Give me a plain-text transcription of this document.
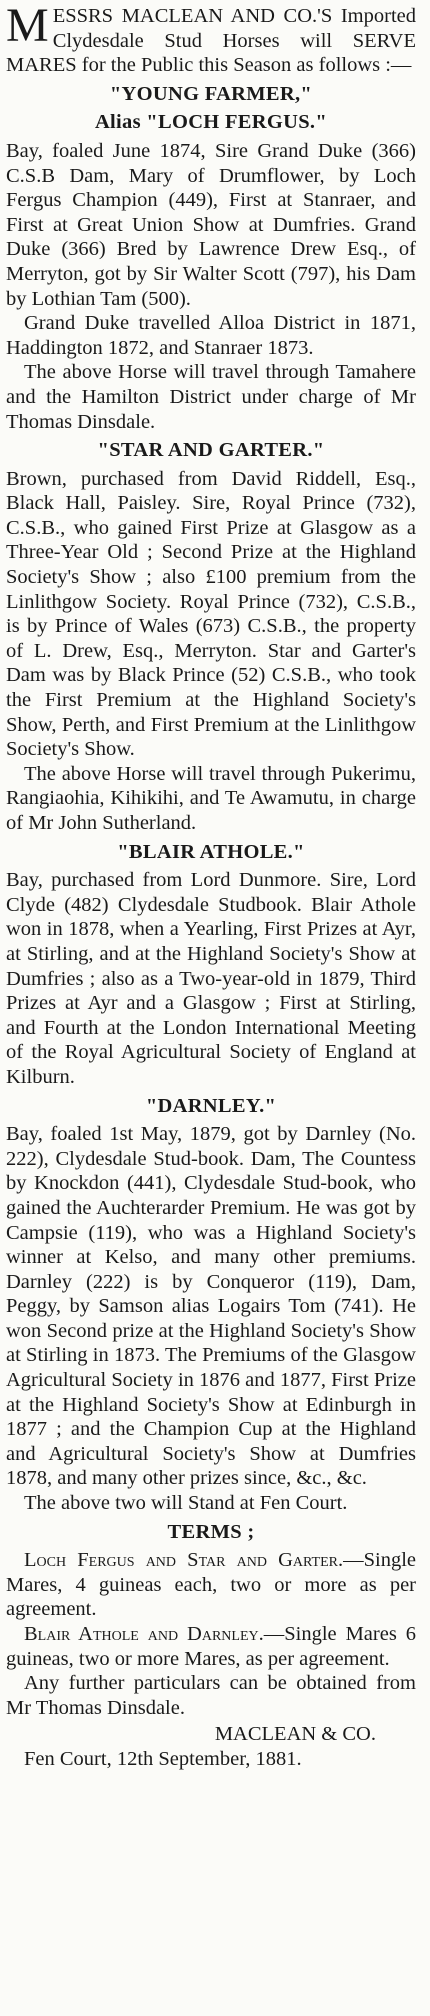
M ESSRS MACLEAN AND CO.'S Imported Clydesdale Stud Horses will SERVE MARES for the Public this Season as follows :—

"YOUNG FARMER,"

Alias "LOCH FERGUS."

Bay, foaled June 1874, Sire Grand Duke (366) C.S.B Dam, Mary of Drumflower, by Loch Fergus Champion (449), First at Stanraer, and First at Great Union Show at Dumfries. Grand Duke (366) Bred by Lawrence Drew Esq., of Merryton, got by Sir Walter Scott (797), his Dam by Lothian Tam (500).

Grand Duke travelled Alloa District in 1871, Haddington 1872, and Stanraer 1873.

The above Horse will travel through Tamahere and the Hamilton District under charge of Mr Thomas Dinsdale.

"STAR AND GARTER."

Brown, purchased from David Riddell, Esq., Black Hall, Paisley. Sire, Royal Prince (732), C.S.B., who gained First Prize at Glasgow as a Three-Year Old ; Second Prize at the Highland Society's Show ; also £100 premium from the Linlithgow Society. Royal Prince (732), C.S.B., is by Prince of Wales (673) C.S.B., the property of L. Drew, Esq., Merryton. Star and Garter's Dam was by Black Prince (52) C.S.B., who took the First Premium at the Highland Society's Show, Perth, and First Premium at the Linlithgow Society's Show.

The above Horse will travel through Pukerimu, Rangiaohia, Kihikihi, and Te Awamutu, in charge of Mr John Sutherland.

"BLAIR ATHOLE."

Bay, purchased from Lord Dunmore. Sire, Lord Clyde (482) Clydesdale Studbook. Blair Athole won in 1878, when a Yearling, First Prizes at Ayr, at Stirling, and at the Highland Society's Show at Dumfries ; also as a Two-year-old in 1879, Third Prizes at Ayr and a Glasgow ; First at Stirling, and Fourth at the London International Meeting of the Royal Agricultural Society of England at Kilburn.

"DARNLEY."

Bay, foaled 1st May, 1879, got by Darnley (No. 222), Clydesdale Stud-book. Dam, The Countess by Knockdon (441), Clydesdale Stud-book, who gained the Auchterarder Premium. He was got by Campsie (119), who was a Highland Society's winner at Kelso, and many other premiums. Darnley (222) is by Conqueror (119), Dam, Peggy, by Samson alias Logairs Tom (741). He won Second prize at the Highland Society's Show at Stirling in 1873. The Premiums of the Glasgow Agricultural Society in 1876 and 1877, First Prize at the Highland Society's Show at Edinburgh in 1877 ; and the Champion Cup at the Highland and Agricultural Society's Show at Dumfries 1878, and many other prizes since, &c., &c.

The above two will Stand at Fen Court.

TERMS ;

Loch Fergus and Star and Garter.—Single Mares, 4 guineas each, two or more as per agreement.

Blair Athole and Darnley.—Single Mares 6 guineas, two or more Mares, as per agreement.

Any further particulars can be obtained from Mr Thomas Dinsdale.

MACLEAN & CO.

Fen Court, 12th September, 1881.
